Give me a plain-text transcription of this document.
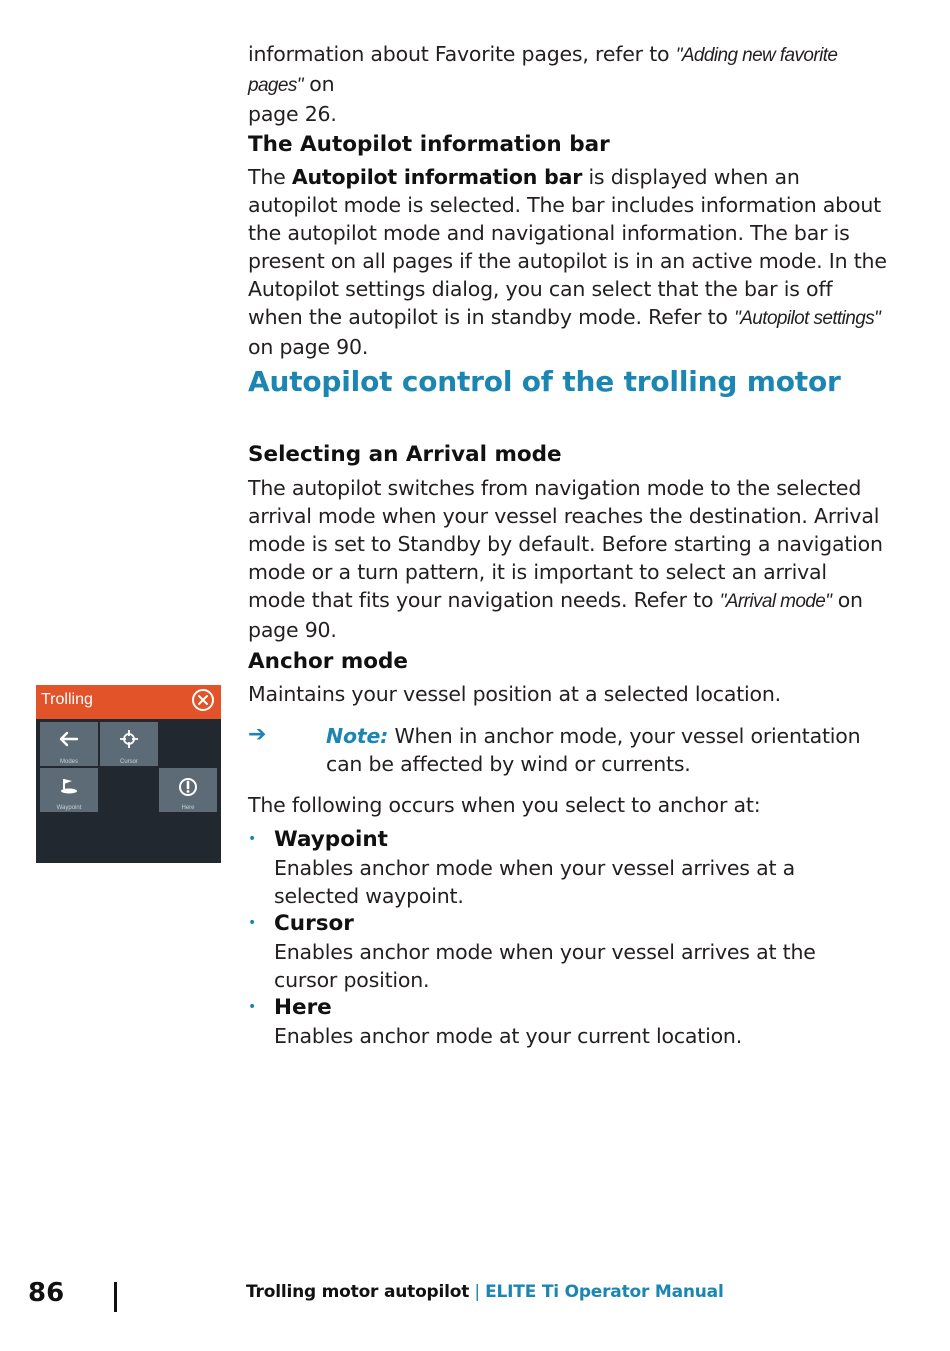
information about Favorite pages, refer to "Adding new favorite pages" on
page 26.

The Autopilot information bar

The Autopilot information bar is displayed when an autopilot mode is selected. The bar includes information about the autopilot mode and navigational information. The bar is present on all pages if the autopilot is in an active mode. In the Autopilot settings dialog, you can select that the bar is off when the autopilot is in standby mode. Refer to "Autopilot settings" on page 90.

Autopilot control of the trolling motor
Selecting an Arrival mode

The autopilot switches from navigation mode to the selected arrival mode when your vessel reaches the destination. Arrival mode is set to Standby by default. Before starting a navigation mode or a turn pattern, it is important to select an arrival mode that fits your navigation needs. Refer to "Arrival mode" on page 90.

Anchor mode

Maintains your vessel position at a selected location.

➔	Note: When in anchor mode, your vessel orientation can be affected by wind or currents.

The following occurs when you select to anchor at:

• Waypoint

Enables anchor mode when your vessel arrives at a selected waypoint.

• Cursor

Enables anchor mode when your vessel arrives at the cursor position.

• Here

Enables anchor mode at your current location.

Trolling
Modes	Cursor
Waypoint	Here
86	Trolling motor autopilot | ELITE Ti Operator Manual
